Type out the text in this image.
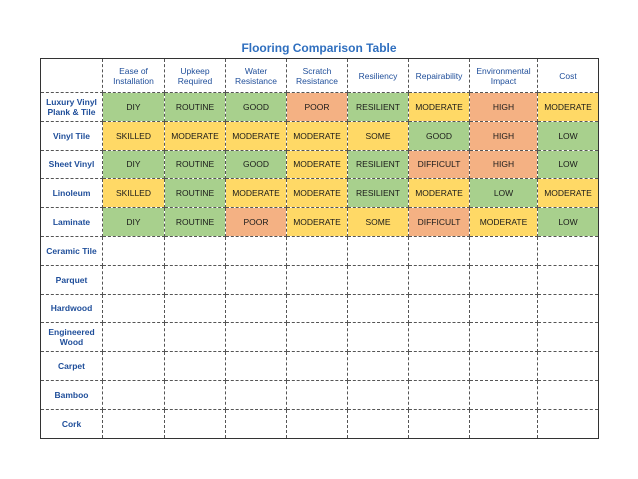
Flooring Comparison Table
	Ease of Installation	Upkeep Required	Water Resistance	Scratch Resistance	Resiliency	Repairability	Environmental Impact	Cost
Luxury Vinyl Plank & Tile	DIY	ROUTINE	GOOD	POOR	RESILIENT	MODERATE	HIGH	MODERATE

Vinyl Tile	SKILLED	MODERATE	MODERATE	MODERATE	SOME	GOOD	HIGH	LOW

Sheet Vinyl	DIY	ROUTINE	GOOD	MODERATE	RESILIENT	DIFFICULT	HIGH	LOW

Linoleum	SKILLED	ROUTINE	MODERATE	MODERATE	RESILIENT	MODERATE	LOW	MODERATE

Laminate	DIY	ROUTINE	POOR	MODERATE	SOME	DIFFICULT	MODERATE	LOW

Ceramic Tile								
Parquet								
Hardwood								
Engineered Wood								
Carpet								
Bamboo								
Cork								
